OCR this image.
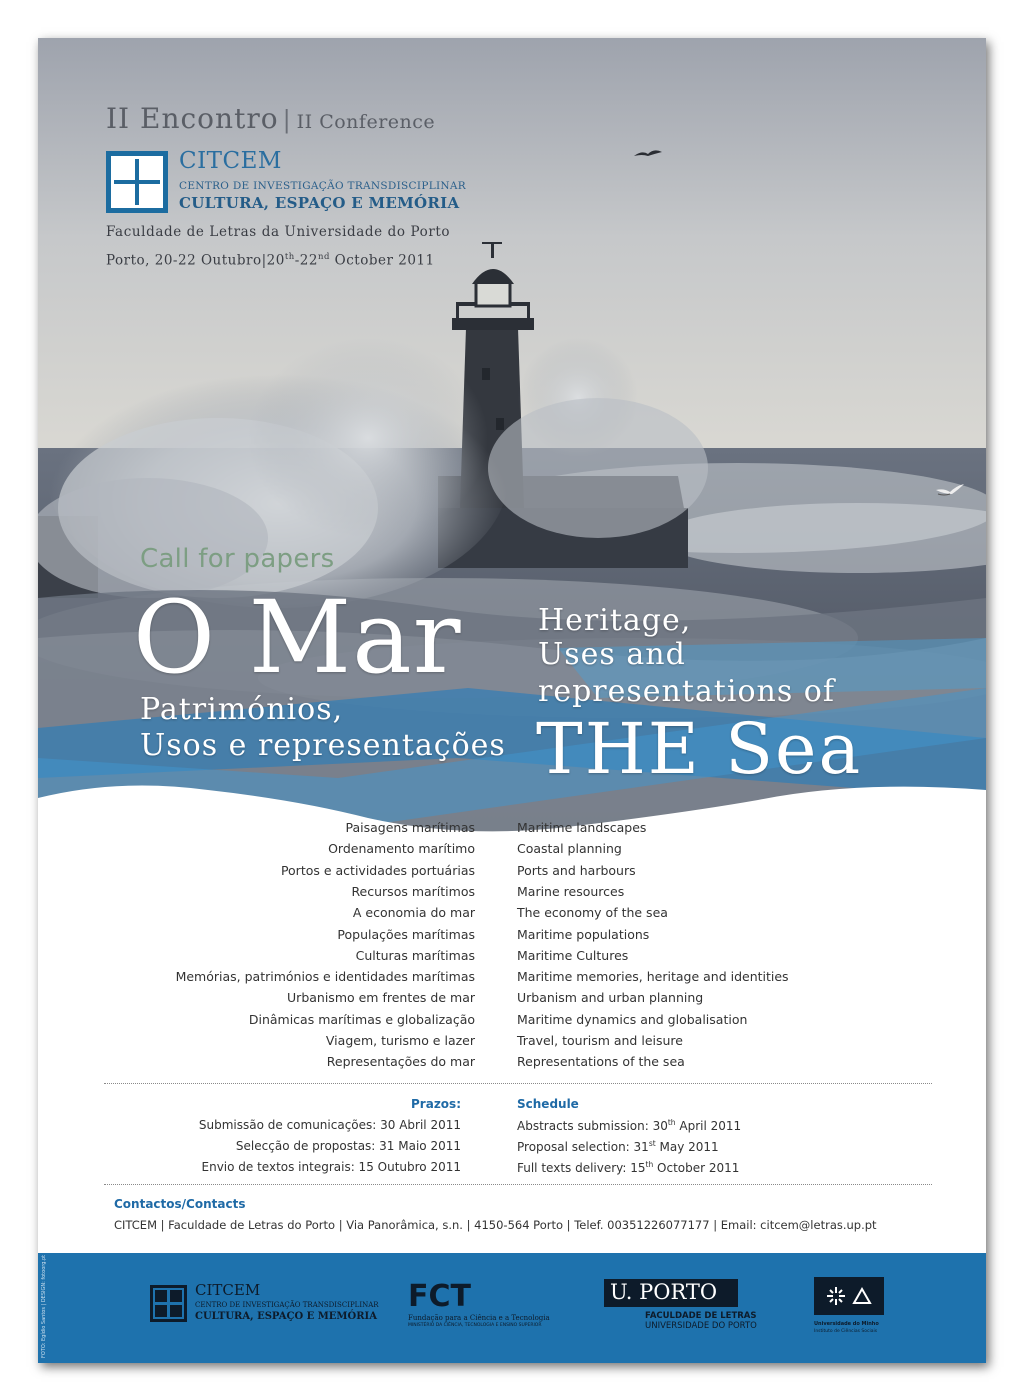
II Encontro | II Conference
CITCEM
CENTRO DE INVESTIGAÇÃO TRANSDISCIPLINAR
CULTURA, ESPAÇO E MEMÓRIA
Faculdade de Letras da Universidade do Porto
Porto, 20-22 Outubro|20th-22nd October 2011
Call for papers
O Mar	Heritage,
Uses and
representations of
THE Sea
Patrimónios,
Usos e representações
Paisagens marítimas	Maritime landscapes
Ordenamento marítimo	Coastal planning
Portos e actividades portuárias	Ports and harbours
Recursos marítimos	Marine resources
A economia do mar	The economy of the sea
Populações marítimas	Maritime populations
Culturas marítimas	Maritime Cultures
Memórias, patrimónios e identidades marítimas	Maritime memories, heritage and identities
Urbanismo em frentes de mar	Urbanism and urban planning
Dinâmicas marítimas e globalização	Maritime dynamics and globalisation
Viagem, turismo e lazer	Travel, tourism and leisure
Representações do mar	Representations of the sea
Prazos:	Schedule
Submissão de comunicações: 30 Abril 2011	Abstracts submission: 30th April 2011
Selecção de propostas: 31 Maio 2011	Proposal selection: 31st May 2011
Envio de textos integrais: 15 Outubro 2011	Full texts delivery: 15th October 2011
Contactos/Contacts
CITCEM | Faculdade de Letras do Porto | Via Panorâmica, s.n. | 4150-564 Porto | Telef. 00351226077177 | Email: citcem@letras.up.pt
FOTO: Egídio Santos | DESIGN: fotoorg.pt	CITCEM
CENTRO DE INVESTIGAÇÃO TRANSDISCIPLINAR
CULTURA, ESPAÇO E MEMÓRIA
FCT
Fundação para a Ciência e a Tecnologia
MINISTÉRIO DA CIÊNCIA, TECNOLOGIA E ENSINO SUPERIOR
U. PORTO
FACULDADE DE LETRAS
UNIVERSIDADE DO PORTO	Universidade do Minho
Instituto de Ciências Sociais
